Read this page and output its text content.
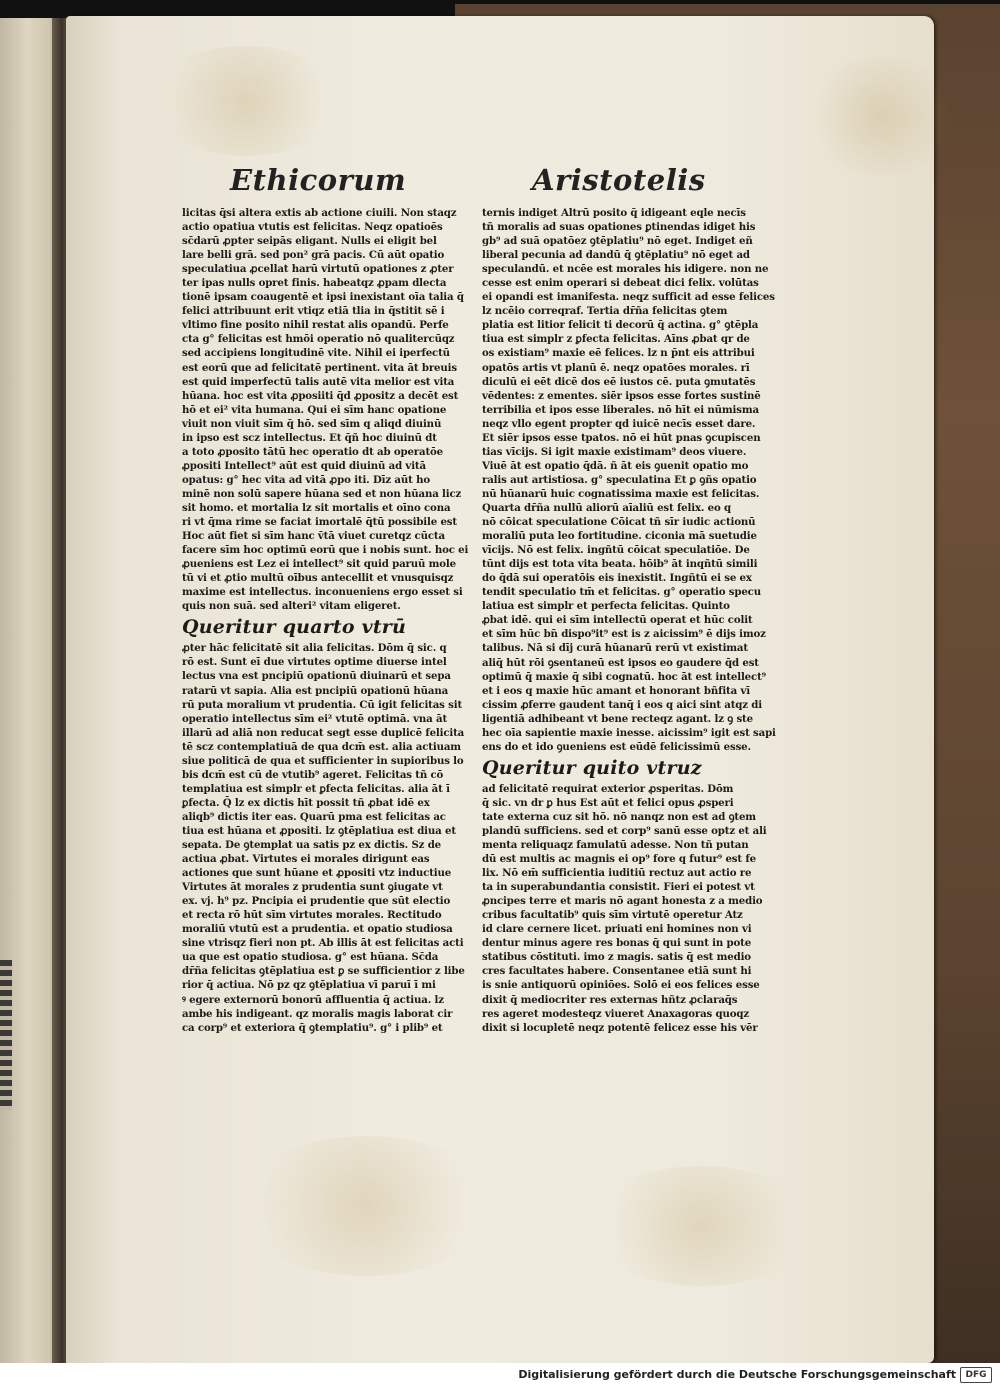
Ethicorum	Aristotelis
licitas q̄si altera extis ab actione ciuili. Non staqz
actio opatiua vtutis est felicitas. Neqz opatioēs
sc̄darū ꝓpter seipās eligant. Nulls ei eligit bel
lare belli grā. sed pon² grā pacis. Cū aūt opatio
speculatiua ꝓcellat harū virtutū opationes z ꝓter
ter ipas nulls opret finis. habeatqz ꝓpam dlecta
tionē ipsam coaugentē et ipsi inexistant oīa talia q̄
felici attribuunt erit vtiqz etiā tlia in q̄stitit sē i
vltimo fine posito nihil restat alis opandū. Perfe
cta g° felicitas est hmōi operatio nō qualitercūqz
sed accipiens longitudinē vite. Nihil ei iperfectū
est eorū que ad felicitatē pertinent. vita āt breuis
est quid imperfectū talis autē vita melior est vita
hūana. hoc est vita ꝓposiiti q̄d ꝓpositz a decēt est
hō et ei² vita humana. Qui ei sīm hanc opatione
viuit non viuit sīm q̄ hō. sed sīm q aliqd diuinū
in ipso est scz intellectus. Et q̄ñ hoc diuinū dt
a toto ꝓposito tātū hec operatio dt ab operatōe
ꝓpositi Intellect⁹ aūt est quid diuinū ad vitā
opatus: g° hec vita ad vitā ꝓpo iti. Dīz aūt ho
minē non solū sapere hūana sed et non hūana licz
sit homo. et mortalia lz sit mortalis et oīno cona
ri vt q̄ma rime se faciat imortalē q̄tū possibile est
Hoc aūt fiet si sīm hanc v̄tā viuet curetqz cūcta
facere sīm hoc optimū eorū que i nobis sunt. hoc ei
ꝓueniens est Lez ei intellect⁹ sit quid paruū mole
tū vi et ꝓtio multū oībus antecellit et vnusquisqz
maxime est intellectus. inconueniens ergo esset si
quis non suā. sed alteri² vitam eligeret.
Queritur quarto vtrū
ꝓter hāc felicitatē sit alia felicitas. Dōm q̄ sic. q
rō est. Sunt eī due virtutes optime diuerse intel
lectus vna est pncipiū opationū diuinarū et sepa
ratarū vt sapia. Alia est pncipiū opationū hūana
rū puta moralium vt prudentia. Cū igit felicitas sit
operatio intellectus sīm ei² vtutē optimā. vna āt
illarū ad aliā non reducat segt esse duplicē felicita
tē scz contemplatiuā de qua dcm̄ est. alia actiuam
siue politicā de qua et sufficienter in supioribus lo
bis dcm̄ est cū de vtutib⁹ ageret. Felicitas tñ cō
templatiua est simplr et ꝑfecta felicitas. alia āt ī
ꝑfecta. Q̄ lz ex dictis hīt possit tñ ꝓbat idē ex
aliqb⁹ dictis iter eas. Quarū pma est felicitas ac
tiua est hūana et ꝓpositi. lz ꝯtēplatiua est diua et
sepata. De ꝯtemplat ua satis pz ex dictis. Sz de
actiua ꝓbat. Virtutes ei morales dirigunt eas
actiones que sunt hūane et ꝓpositi vtz inductiue
Virtutes āt morales z prudentia sunt ꝯiugate vt
ex. vj. h⁹ pz. Pncipia ei prudentie que sūt electio
et recta rō hūt sīm virtutes morales. Rectitudo
moraliū vtutū est a prudentia. et opatio studiosa
sine vtrisqz fieri non pt. Ab illis āt est felicitas acti
ua que est opatio studiosa. g° est hūana. Sc̄da
dr̄ña felicitas ꝯtēplatiua est ꝑ se sufficientior z libe
rior q̄ actiua. Nō pz qz ꝯtēplatiua vī paruī ī mi
ꝰ egere externorū bonorū affluentia q̄ actiua. lz
ambe his indigeant. qz moralis magis laborat cir
ca corp⁹ et exteriora q̄ ꝯtemplatiu⁹. g° i plib⁹ et
ternis indiget Altrū posito q̄ idigeant eqle necīs
tñ moralis ad suas opationes ꝑtinendas idiget his
gb⁹ ad suā opatōez ꝯtēplatiu⁹ nō eget. Indiget eñ
liberal pecunia ad dandū q̄ ꝯtēplatiu⁹ nō eget ad
speculandū. et ncēe est morales his idigere. non ne
cesse est enim operari si debeat dici felix. volūtas
ei opandi est imanifesta. neqz sufficit ad esse felices
lz ncēio correqraf. Tertia dr̄ña felicitas ꝯtem
platia est litior felicit ti decorū q̄ actina. g° ꝯtēpla
tiua est simplr z ꝑfecta felicitas. Aīns ꝓbat qr de
os existiam⁹ maxie eē felices. lz n p̄nt eis attribui
opatōs artis vt planū ē. neqz opatōes morales. rī
diculū ei eēt dicē dos eē iustos cē. puta ꝯmutatēs
vēdentes: z ementes. siēr ipsos esse fortes sustinē
terribilia et ipos esse liberales. nō hīt ei nūmisma
neqz vllo egent propter qd iuicē necīs esset dare.
Et siēr ipsos esse tpatos. nō ei hūt pnas ꝯcupiscen
tias vīcijs. Si igit maxie existimam⁹ deos viuere.
Viuē āt est opatio q̄dā. ñ āt eis ꝯuenit opatio mo
ralis aut artistiosa. g° speculatina Et ꝑ ꝯñs opatio
nū hūanarū huic cognatissima maxie est felicitas.
Quarta dr̄ña nullū aliorū aīaliū est felix. eo q
nō cōicat speculatione Cōicat tñ sīr iudic actionū
moraliū puta leo fortitudine. ciconia mā suetudie
vīcijs. Nō est felix. ingñtū cōicat speculatiōe. De
tūnt dijs est tota vita beata. hōib⁹ āt inqñtū simili
do q̄dā sui operatōis eis inexistit. Ingñtū ei se ex
tendit speculatio tm̄ et felicitas. g° operatio specu
latiua est simplr et perfecta felicitas. Quinto
ꝓbat idē. qui ei sīm intellectū operat et hūc colit
et sīm hūc bn̄ dispo⁹it⁹ est is z aicissim⁹ ē dijs imoz
talibus. Nā si dīj curā hūanarū rerū vt existimat
aliq̄ hūt rōi ꝯsentaneū est ipsos eo gaudere q̄d est
optimū q̄ maxie q̄ sibi cognatū. hoc āt est intellect⁹
et i eos q maxie hūc amant et honorant bñfita vī
cissim ꝓferre gaudent tanq̄ i eos q aici sint atqz di
ligentiā adhibeant vt bene recteqz agant. lz ꝯ ste
hec oīa sapientie maxie inesse. aicissim⁹ igit est sapi
ens do et ido ꝯueniens est eūdē felicissimū esse.
Queritur quito vtruz
ad felicitatē requirat exterior ꝓsperitas. Dōm
q̄ sic. vn dr ꝑ hus Est aūt et felici opus ꝓsperi
tate externa cuz sit hō. nō nanqz non est ad ꝯtem
plandū sufficiens. sed et corp⁹ sanū esse optz et ali
menta reliquaqz famulatū adesse. Non tñ putan
dū est multis ac magnis ei op⁹ fore q futur⁹ est fe
lix. Nō em̄ sufficientia iuditiū rectuz aut actio re
ta in superabundantia consistit. Fieri ei potest vt
ꝓncipes terre et maris nō agant honesta z a medio
cribus facultatib⁹ quis sīm virtutē operetur Atz
id clare cernere licet. priuati eni homines non vi
dentur minus agere res bonas q̄ qui sunt in pote
statibus cōstituti. imo z magis. satis q̄ est medio
cres facultates habere. Consentanee etiā sunt hi
is snie antiquorū opiniōes. Solō ei eos felices esse
dixit q̄ mediocriter res externas hñtz ꝓclaraq̄s
res ageret modesteqz viueret Anaxagoras quoqz
dixit si locupletē neqz potentē felicez esse his vēr
Digitalisierung gefördert durch die Deutsche Forschungsgemeinschaft	DFG
